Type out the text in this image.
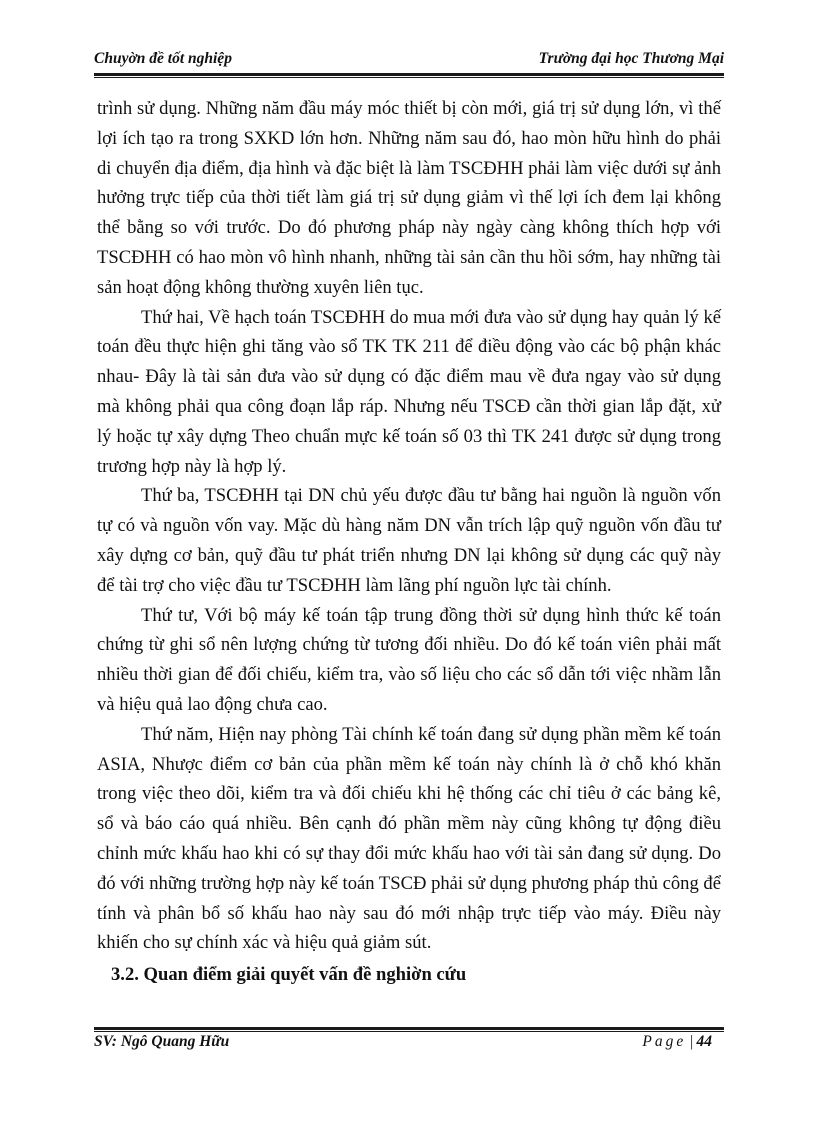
Chuyờn đề tốt nghiệp	Trường đại học Thương Mại

trình sử dụng. Những năm đầu máy móc thiết bị còn mới, giá trị sử dụng lớn, vì thế lợi ích tạo ra trong SXKD lớn hơn. Những năm sau đó, hao mòn hữu hình do phải di chuyển địa điểm, địa hình và đặc biệt là làm TSCĐHH phải làm việc dưới sự ảnh hưởng trực tiếp của thời tiết làm giá trị sử dụng giảm vì thế lợi ích đem lại không thể bằng so với trước. Do đó phương pháp này ngày càng không thích hợp với TSCĐHH có hao mòn vô hình nhanh, những tài sản cần thu hồi sớm, hay những tài sản hoạt động không thường xuyên liên tục.

Thứ hai, Về hạch toán TSCĐHH do mua mới đưa vào sử dụng hay quản lý kế toán đều thực hiện ghi tăng vào sổ TK TK 211 để điều động vào các bộ phận khác nhau- Đây là tài sản đưa vào sử dụng có đặc điểm mau về đưa ngay vào sử dụng mà không phải qua công đoạn lắp ráp. Nhưng nếu TSCĐ cần thời gian lắp đặt, xử lý hoặc tự xây dựng Theo chuẩn mực kế toán số 03 thì TK 241 được sử dụng trong trương hợp này là hợp lý.

Thứ ba, TSCĐHH tại DN chủ yếu được đầu tư bằng hai nguồn là nguồn vốn tự có và nguồn vốn vay. Mặc dù hàng năm DN vẫn trích lập quỹ nguồn vốn đầu tư xây dựng cơ bản, quỹ đầu tư phát triển nhưng DN lại không sử dụng các quỹ này để tài trợ cho việc đầu tư TSCĐHH làm lãng phí nguồn lực tài chính.

Thứ tư, Với bộ máy kế toán tập trung đồng thời sử dụng hình thức kế toán chứng từ ghi sổ nên lượng chứng từ tương đối nhiều. Do đó kế toán viên phải mất nhiều thời gian để đối chiếu, kiểm tra, vào số liệu cho các sổ dẫn tới việc nhầm lẫn và hiệu quả lao động chưa cao.

Thứ năm, Hiện nay phòng Tài chính kế toán đang sử dụng phần mềm kế toán ASIA, Nhược điểm cơ bản của phần mềm kế toán này chính là ở chỗ khó khăn trong việc theo dõi, kiểm tra và đối chiếu khi hệ thống các chỉ tiêu ở các bảng kê, sổ và báo cáo quá nhiều. Bên cạnh đó phần mềm này cũng không tự động điều chỉnh mức khấu hao khi có sự thay đổi mức khấu hao với tài sản đang sử dụng. Do đó với những trường hợp này kế toán TSCĐ phải sử dụng phương pháp thủ công để tính và phân bổ số khấu hao này sau đó mới nhập trực tiếp vào máy. Điều này khiến cho sự chính xác và hiệu quả giảm sút.

3.2. Quan điểm giải quyết vấn đề nghiờn cứu

SV: Ngô Quang Hữu	Page | 44
